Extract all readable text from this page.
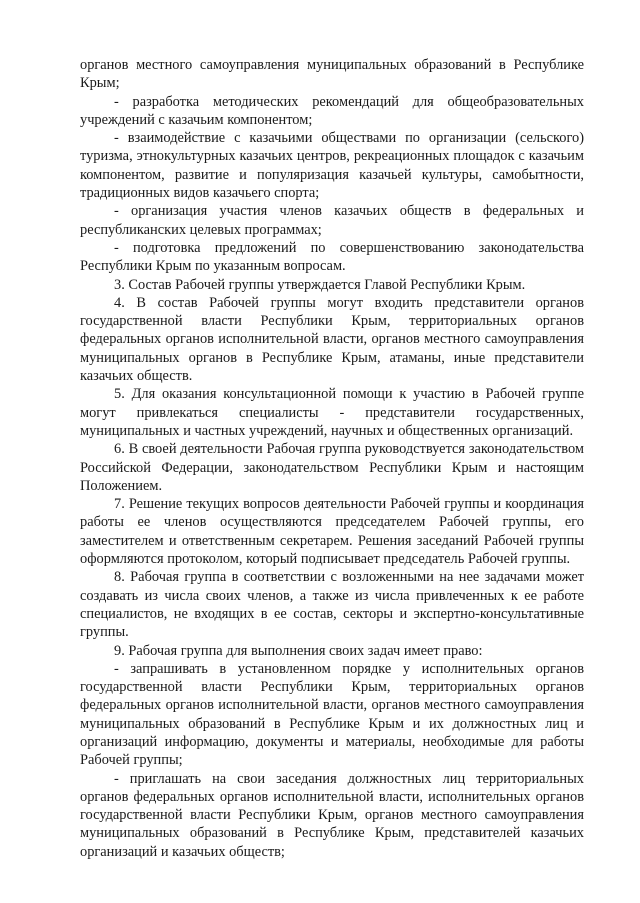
органов местного самоуправления муниципальных образований в Республике Крым;

- разработка методических рекомендаций для общеобразовательных учреждений с казачьим компонентом;

- взаимодействие с казачьими обществами по организации (сельского) туризма, этнокультурных казачьих центров, рекреационных площадок с казачьим компонентом, развитие и популяризация казачьей культуры, самобытности, традиционных видов казачьего спорта;

- организация участия членов казачьих обществ в федеральных и республиканских целевых программах;

- подготовка предложений по совершенствованию законодательства Республики Крым по указанным вопросам.

3. Состав Рабочей группы утверждается Главой Республики Крым.

4. В состав Рабочей группы могут входить представители органов государственной власти Республики Крым, территориальных органов федеральных органов исполнительной власти, органов местного самоуправления муниципальных органов в Республике Крым, атаманы, иные представители казачьих обществ.

5. Для оказания консультационной помощи к участию в Рабочей группе могут привлекаться специалисты - представители государственных, муниципальных и частных учреждений, научных и общественных организаций.

6. В своей деятельности Рабочая группа руководствуется законодательством Российской Федерации, законодательством Республики Крым и настоящим Положением.

7. Решение текущих вопросов деятельности Рабочей группы и координация работы ее членов осуществляются председателем Рабочей группы, его заместителем и ответственным секретарем. Решения заседаний Рабочей группы оформляются протоколом, который подписывает председатель Рабочей группы.

8. Рабочая группа в соответствии с возложенными на нее задачами может создавать из числа своих членов, а также из числа привлеченных к ее работе специалистов, не входящих в ее состав, секторы и экспертно-консультативные группы.

9. Рабочая группа для выполнения своих задач имеет право:

- запрашивать в установленном порядке у исполнительных органов государственной власти Республики Крым, территориальных органов федеральных органов исполнительной власти, органов местного самоуправления муниципальных образований в Республике Крым и их должностных лиц и организаций информацию, документы и материалы, необходимые для работы Рабочей группы;

- приглашать на свои заседания должностных лиц территориальных органов федеральных органов исполнительной власти, исполнительных органов государственной власти Республики Крым, органов местного самоуправления муниципальных образований в Республике Крым, представителей казачьих организаций и казачьих обществ;
